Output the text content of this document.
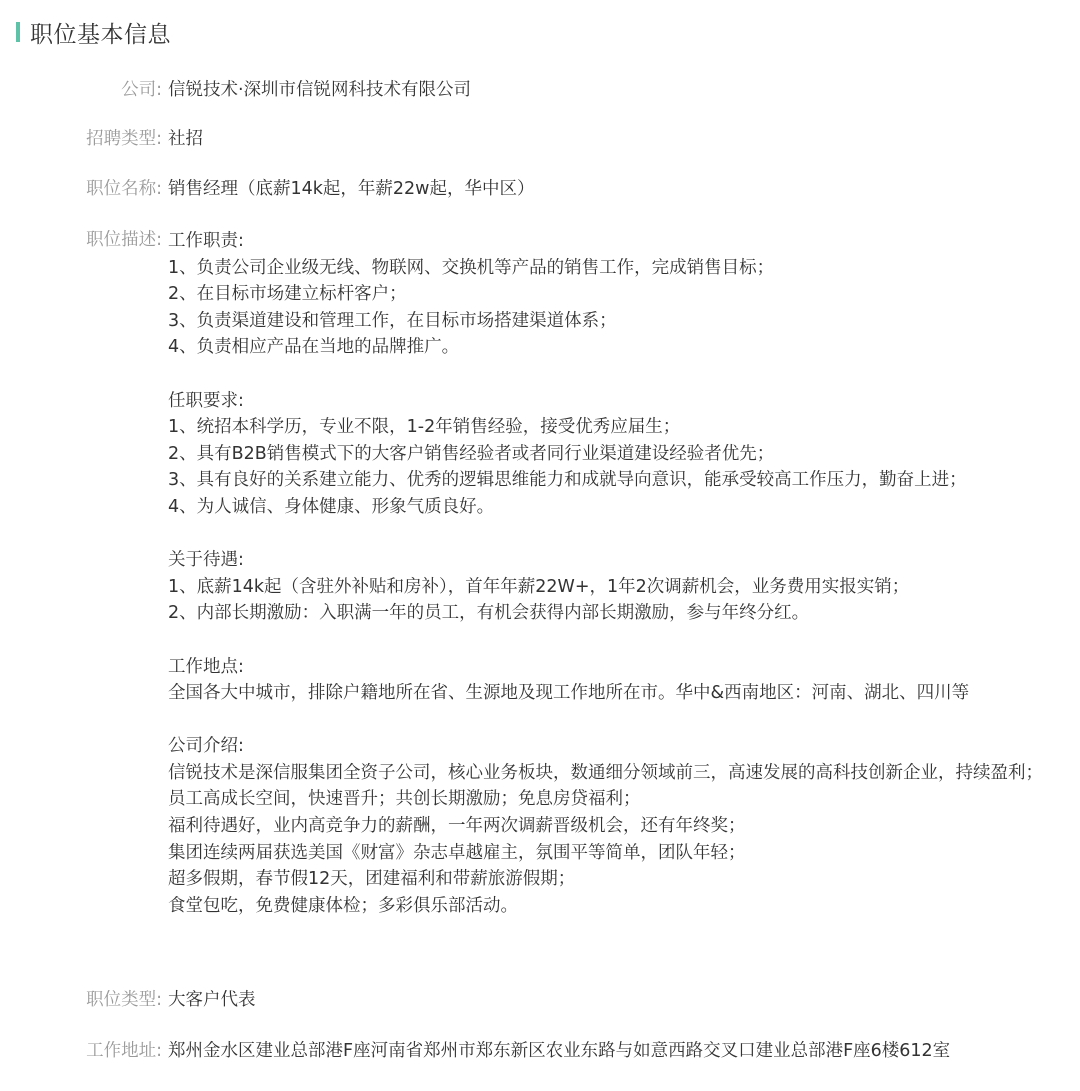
职位基本信息
公司: 信锐技术·深圳市信锐网科技术有限公司
招聘类型: 社招
职位名称: 销售经理（底薪14k起，年薪22w起，华中区）
职位描述: 工作职责:
1、负责公司企业级无线、物联网、交换机等产品的销售工作，完成销售目标；
2、在目标市场建立标杆客户；
3、负责渠道建设和管理工作，在目标市场搭建渠道体系；
4、负责相应产品在当地的品牌推广。
任职要求:
1、统招本科学历，专业不限，1-2年销售经验，接受优秀应届生；
2、具有B2B销售模式下的大客户销售经验者或者同行业渠道建设经验者优先；
3、具有良好的关系建立能力、优秀的逻辑思维能力和成就导向意识，能承受较高工作压力，勤奋上进；
4、为人诚信、身体健康、形象气质良好。
关于待遇:
1、底薪14k起（含驻外补贴和房补），首年年薪22W+，1年2次调薪机会，业务费用实报实销；
2、内部长期激励：入职满一年的员工，有机会获得内部长期激励，参与年终分红。
工作地点:
全国各大中城市，排除户籍地所在省、生源地及现工作地所在市。华中&西南地区：河南、湖北、四川等
公司介绍:
信锐技术是深信服集团全资子公司，核心业务板块，数通细分领域前三，高速发展的高科技创新企业，持续盈利；
员工高成长空间，快速晋升；共创长期激励；免息房贷福利；
福利待遇好，业内高竞争力的薪酬，一年两次调薪晋级机会，还有年终奖；
集团连续两届获选美国《财富》杂志卓越雇主，氛围平等简单，团队年轻；
超多假期，春节假12天，团建福利和带薪旅游假期；
食堂包吃，免费健康体检；多彩俱乐部活动。
职位类型: 大客户代表
工作地址: 郑州金水区建业总部港F座河南省郑州市郑东新区农业东路与如意西路交叉口建业总部港F座6楼612室
